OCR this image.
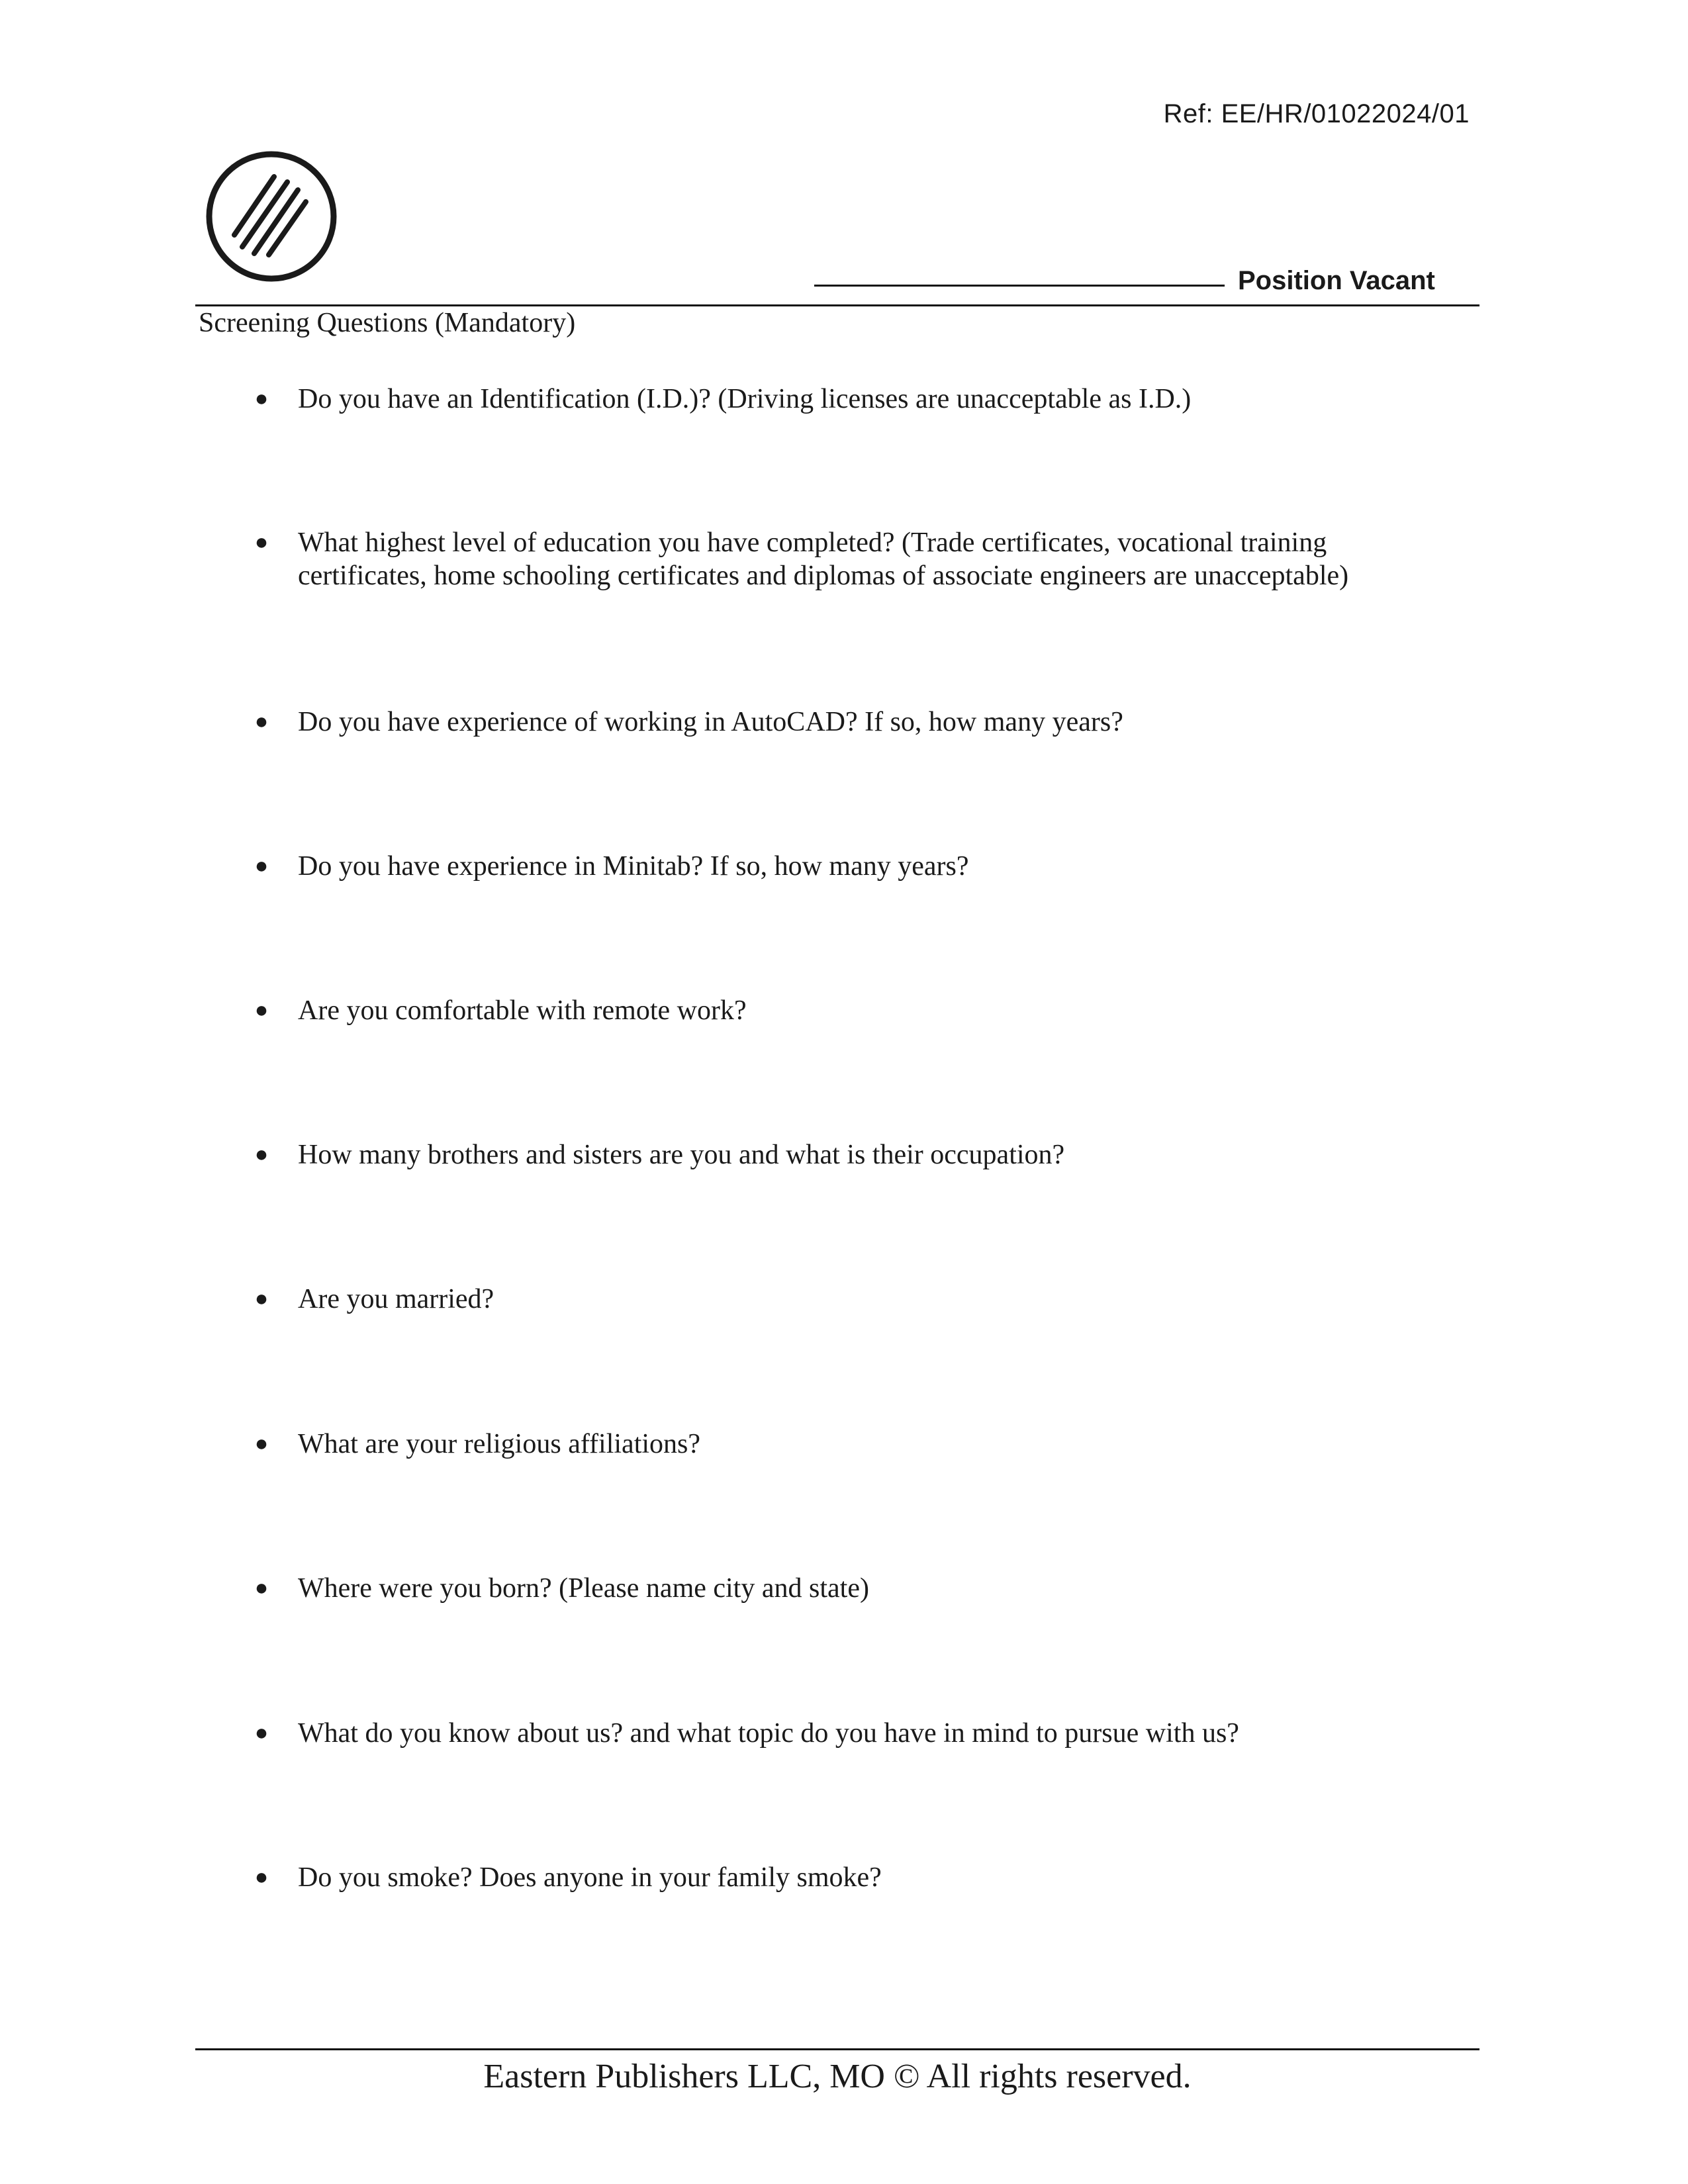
Ref: EE/HR/01022024/01
Position Vacant
Screening Questions (Mandatory)
● Do you have an Identification (I.D.)? (Driving licenses are unacceptable as I.D.)
● What highest level of education you have completed? (Trade certificates, vocational training
certificates, home schooling certificates and diplomas of associate engineers are unacceptable)
● Do you have experience of working in AutoCAD? If so, how many years?
● Do you have experience in Minitab? If so, how many years?
● Are you comfortable with remote work?
● How many brothers and sisters are you and what is their occupation?
● Are you married?
● What are your religious affiliations?
● Where were you born? (Please name city and state)
● What do you know about us? and what topic do you have in mind to pursue with us?
● Do you smoke? Does anyone in your family smoke?
Eastern Publishers LLC, MO © All rights reserved.
